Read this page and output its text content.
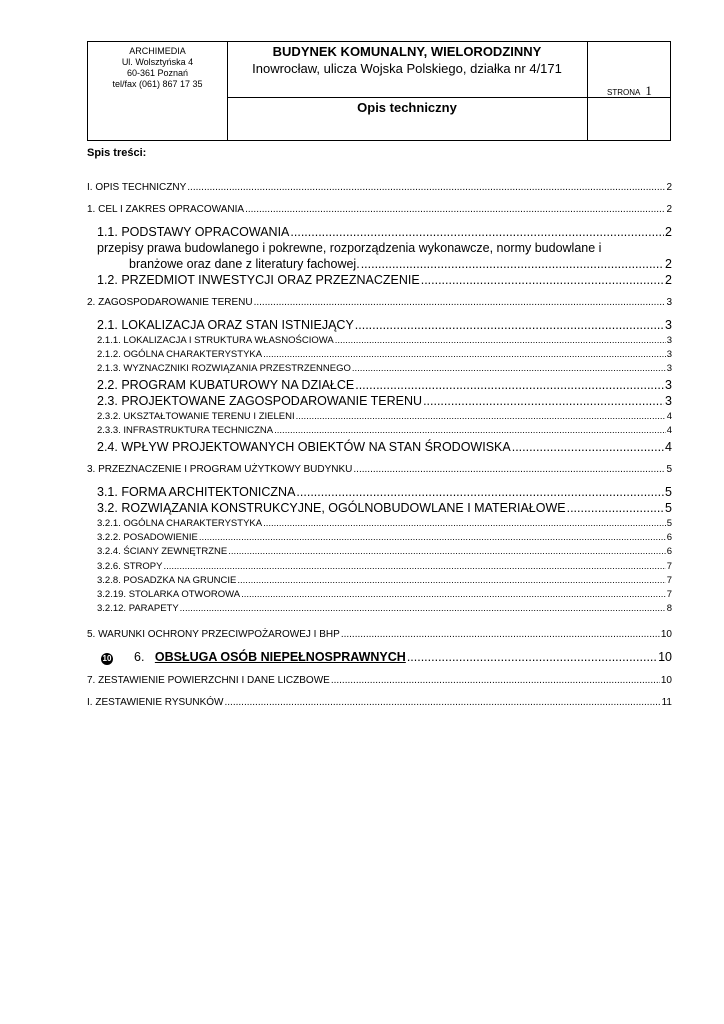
ARCHIMEDIA
Ul. Wolsztyńska 4
60-361 Poznań
tel/fax (061) 867 17 35
BUDYNEK KOMUNALNY, WIELORODZINNY
Inowrocław, ulicza Wojska Polskiego, działka nr 4/171
Opis techniczny
STRONA 1
Spis treści:
I. OPIS TECHNICZNY .....	2
1. CEL I ZAKRES OPRACOWANIA .....	2
1.1. PODSTAWY OPRACOWANIA .....	2
przepisy prawa budowlanego i pokrewne, rozporządzenia wykonawcze, normy budowlane i
branżowe oraz dane z literatury fachowej. .....	2
1.2. PRZEDMIOT INWESTYCJI ORAZ PRZEZNACZENIE .....	2
2. ZAGOSPODAROWANIE TERENU .....	3
2.1. LOKALIZACJA ORAZ STAN ISTNIEJĄCY .....	3
2.1.1. LOKALIZACJA I STRUKTURA WŁASNOŚCIOWA .....	3
2.1.2. OGÓLNA CHARAKTERYSTYKA .....	3
2.1.3. WYZNACZNIKI ROZWIĄZANIA PRZESTRZENNEGO .....	3
2.2. PROGRAM KUBATUROWY NA DZIAŁCE .....	3
2.3. PROJEKTOWANE ZAGOSPODAROWANIE TERENU .....	3
2.3.2. UKSZTAŁTOWANIE TERENU I ZIELENI .....	4
2.3.3. INFRASTRUKTURA TECHNICZNA .....	4
2.4. WPŁYW PROJEKTOWANYCH OBIEKTÓW NA STAN ŚRODOWISKA .....	4
3. PRZEZNACZENIE I PROGRAM UŻYTKOWY BUDYNKU .....	5
3.1. FORMA ARCHITEKTONICZNA .....	5
3.2. ROZWIĄZANIA KONSTRUKCYJNE, OGÓLNOBUDOWLANE I MATERIAŁOWE .....	5
3.2.1. OGÓLNA CHARAKTERYSTYKA .....	5
3.2.2. POSADOWIENIE .....	6
3.2.4. ŚCIANY ZEWNĘTRZNE .....	6
3.2.6. STROPY .....	7
3.2.8. POSADZKA NA GRUNCIE .....	7
3.2.19. STOLARKA OTWOROWA .....	7
3.2.12. PARAPETY .....	8
5. WARUNKI OCHRONY PRZECIWPOŻAROWEJ I BHP .....	10
10 6. OBSŁUGA OSÓB NIEPEŁNOSPRAWNYCH .....	10
7. ZESTAWIENIE POWIERZCHNI I DANE LICZBOWE .....	10
I. ZESTAWIENIE RYSUNKÓW .....	11
